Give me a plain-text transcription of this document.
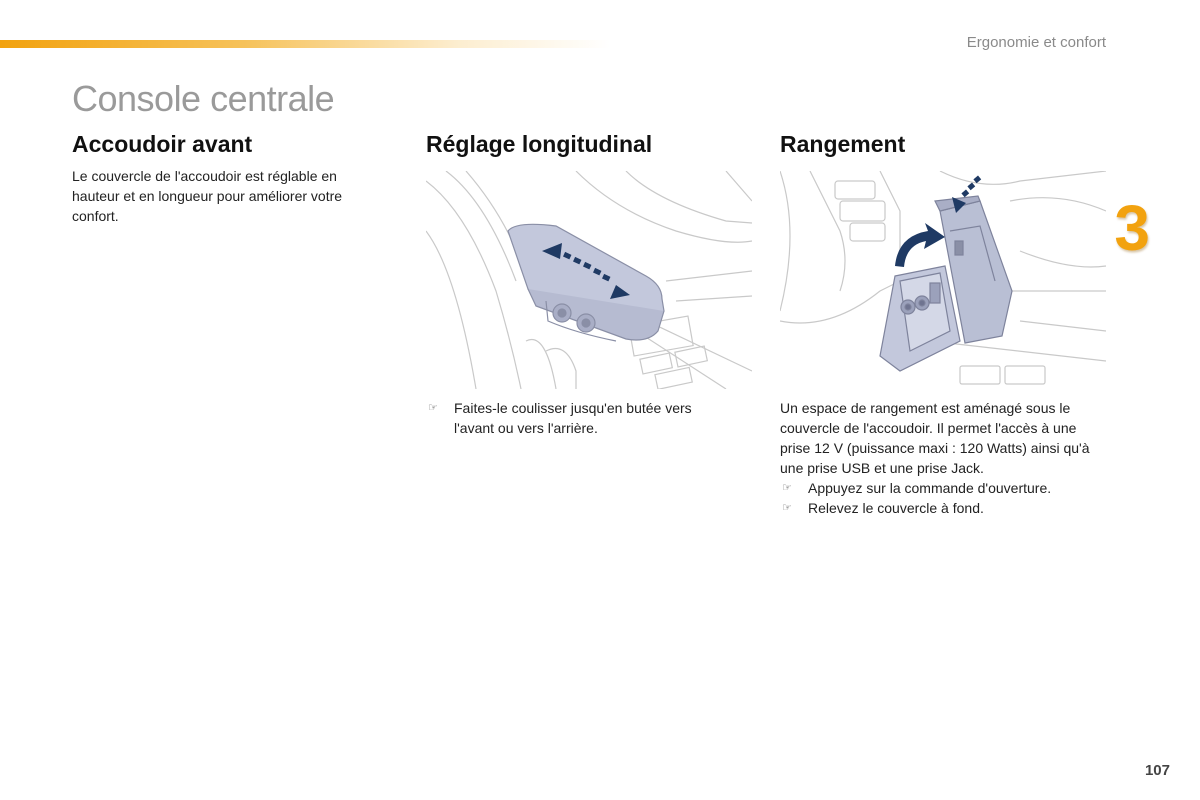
Ergonomie et confort
Console centrale
Accoudoir avant

Le couvercle de l'accoudoir est réglable en hauteur et en longueur pour améliorer votre confort.

Réglage longitudinal
☞ Faites-le coulisser jusqu'en butée vers l'avant ou vers l'arrière.
Rangement

Un espace de rangement est aménagé sous le couvercle de l'accoudoir. Il permet l'accès à une prise 12 V (puissance maxi : 120 Watts) ainsi qu'à une prise USB et une prise Jack.

☞ Appuyez sur la commande d'ouverture.
☞ Relevez le couvercle à fond.
3
107
